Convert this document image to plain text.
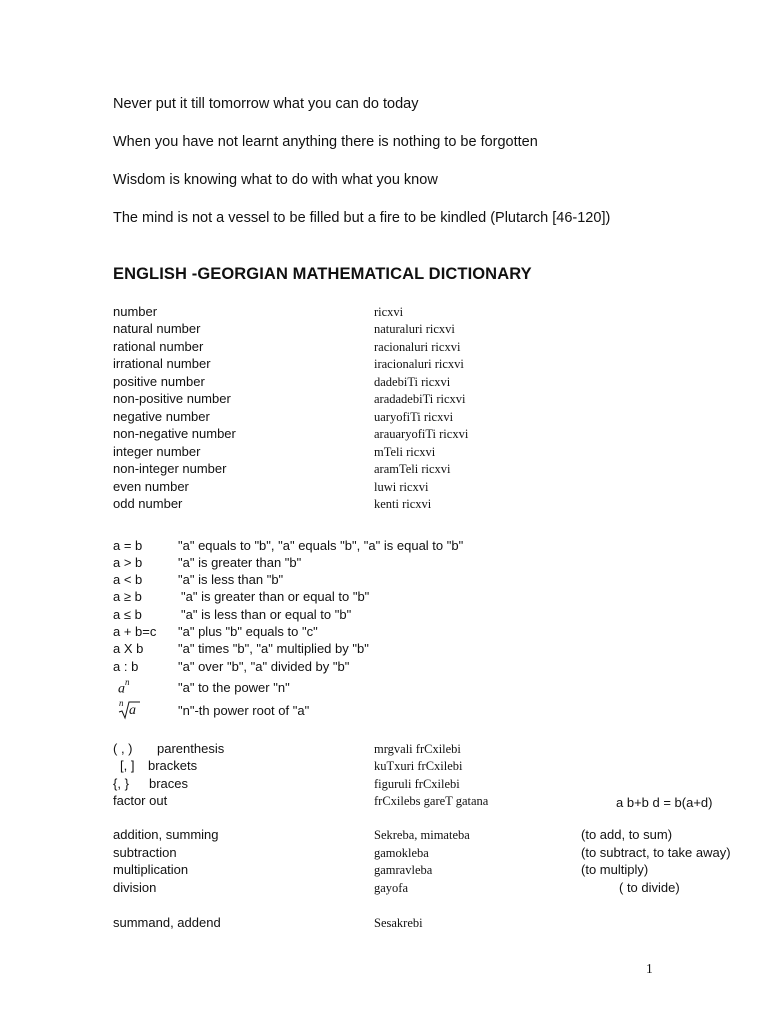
Never put it till tomorrow what you can do today
When you have not learnt anything there is nothing to be forgotten
Wisdom is knowing what to do with what you know
The mind is not a vessel to be filled but a fire to be kindled (Plutarch [46-120])
ENGLISH -GEORGIAN MATHEMATICAL DICTIONARY
number	ricxvi
natural number	naturaluri ricxvi
rational number	racionaluri ricxvi
irrational number	iracionaluri ricxvi
positive number	dadebiTi ricxvi
non-positive number	aradadebiTi ricxvi
negative number	uaryofiTi ricxvi
non-negative number	arauaryofiTi ricxvi
integer number	mTeli ricxvi
non-integer number	aramTeli ricxvi
even number	luwi ricxvi
odd number	kenti ricxvi
a = b	"a" equals to "b", "a" equals "b", "a" is equal to "b"
a > b	"a" is greater than "b"
a < b	"a" is less than "b"
a ≥ b	"a" is greater than or equal to "b"
a ≤ b	"a" is less than or equal to "b"
a + b=c "a" plus "b" equals to "c"
a X b	"a" times "b", "a" multiplied by "b"
a : b	"a" over "b", "a" divided by "b"
$a^n$	"a" to the power "n"
n a	"n"-th power root of "a"
( , ) parenthesis	mrgvali frCxilebi
[, ] brackets	kuTxuri frCxilebi
{, } braces	figuruli frCxilebi
factor out	frCxilebs gareT gatana	a b+b d = b(a+d)
addition, summing	Sekreba, mimateba	(to add, to sum)
subtraction	gamokleba	(to subtract, to take away)
multiplication	gamravleba	(to multiply)
division	gayofa	( to divide)
summand, addend	Sesakrebi
1
